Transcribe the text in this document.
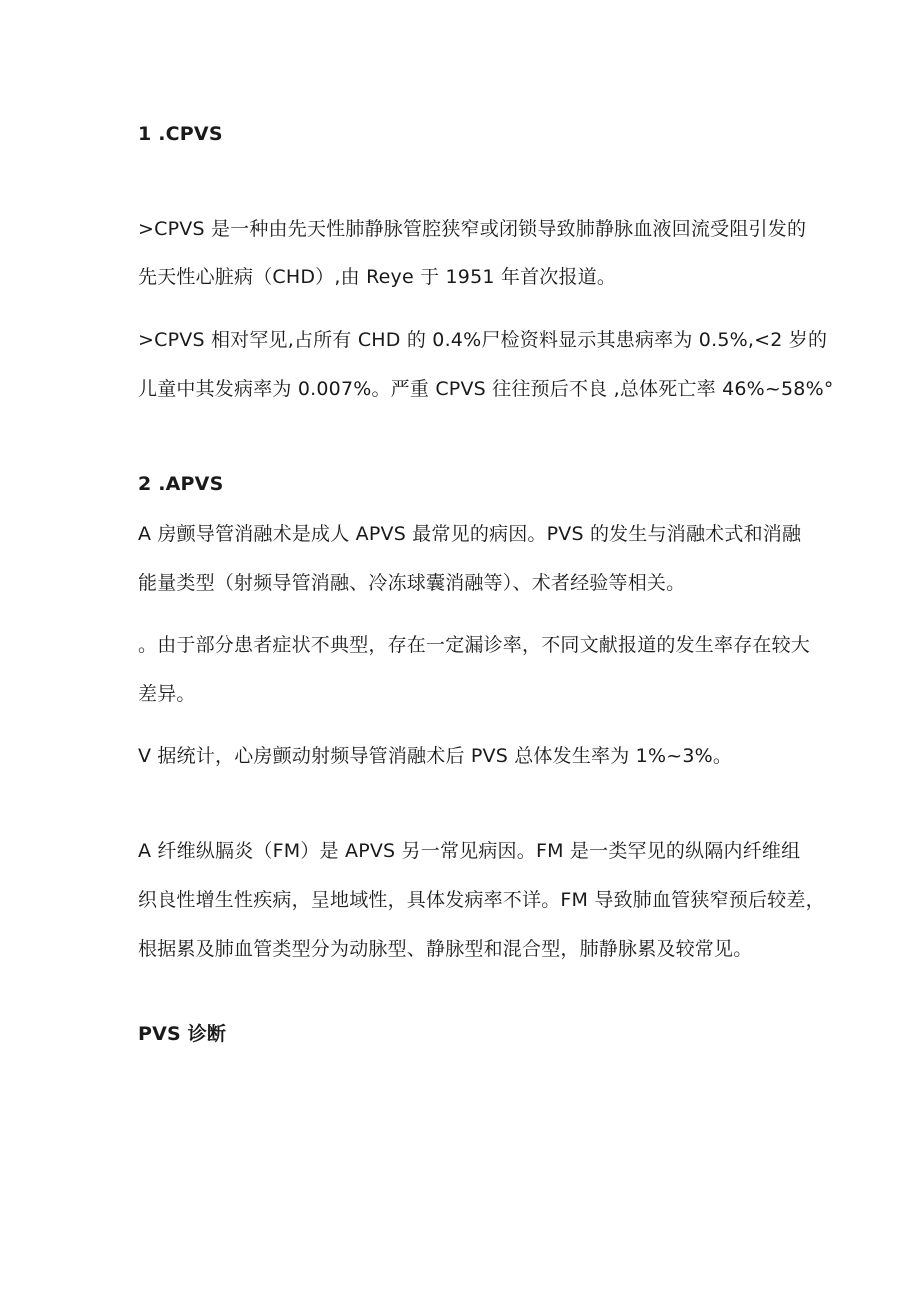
1 .CPVS
>CPVS 是一种由先天性肺静脉管腔狭窄或闭锁导致肺静脉血液回流受阻引发的
先天性心脏病（CHD）,由 Reye 于 1951 年首次报道。
>CPVS 相对罕见,占所有 CHD 的 0.4%尸检资料显示其患病率为 0.5%,<2 岁的
儿童中其发病率为 0.007%。严重 CPVS 往往预后不良 ,总体死亡率 46%~58%°
2 .APVS
A 房颤导管消融术是成人 APVS 最常见的病因。PVS 的发生与消融术式和消融
能量类型（射频导管消融、冷冻球囊消融等）、术者经验等相关。
。由于部分患者症状不典型，存在一定漏诊率，不同文献报道的发生率存在较大
差异。
V 据统计，心房颤动射频导管消融术后 PVS 总体发生率为 1%~3%。
A 纤维纵膈炎（FM）是 APVS 另一常见病因。FM 是一类罕见的纵隔内纤维组
织良性增生性疾病，呈地域性，具体发病率不详。FM 导致肺血管狭窄预后较差，
根据累及肺血管类型分为动脉型、静脉型和混合型，肺静脉累及较常见。
PVS 诊断
